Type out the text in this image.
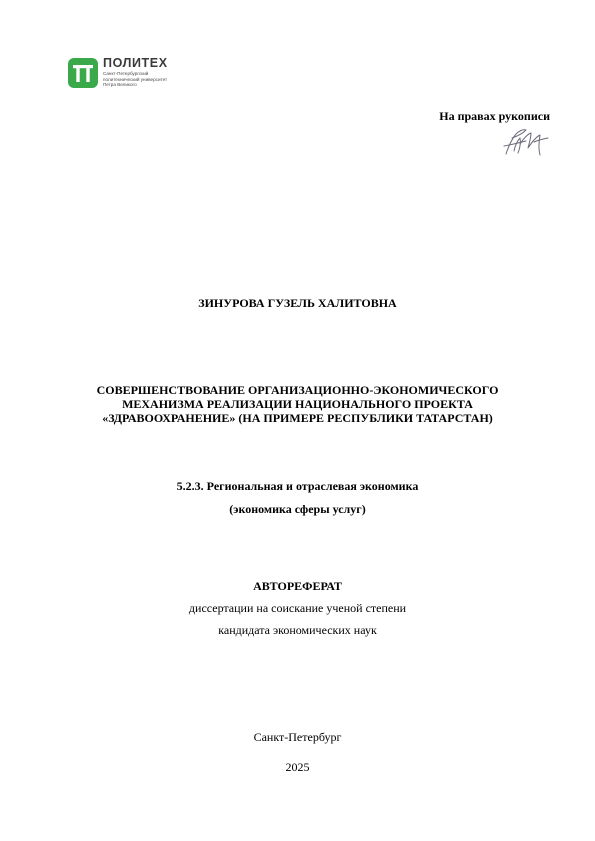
ПОЛИТЕХ
Санкт-Петербургский
политехнический университет
Петра Великого
На правах рукописи
ЗИНУРОВА ГУЗЕЛЬ ХАЛИТОВНА
СОВЕРШЕНСТВОВАНИЕ ОРГАНИЗАЦИОННО-ЭКОНОМИЧЕСКОГО
МЕХАНИЗМА РЕАЛИЗАЦИИ НАЦИОНАЛЬНОГО ПРОЕКТА
«ЗДРАВООХРАНЕНИЕ» (НА ПРИМЕРЕ РЕСПУБЛИКИ ТАТАРСТАН)
5.2.3. Региональная и отраслевая экономика
(экономика сферы услуг)
АВТОРЕФЕРАТ
диссертации на соискание ученой степени
кандидата экономических наук
Санкт-Петербург
2025
